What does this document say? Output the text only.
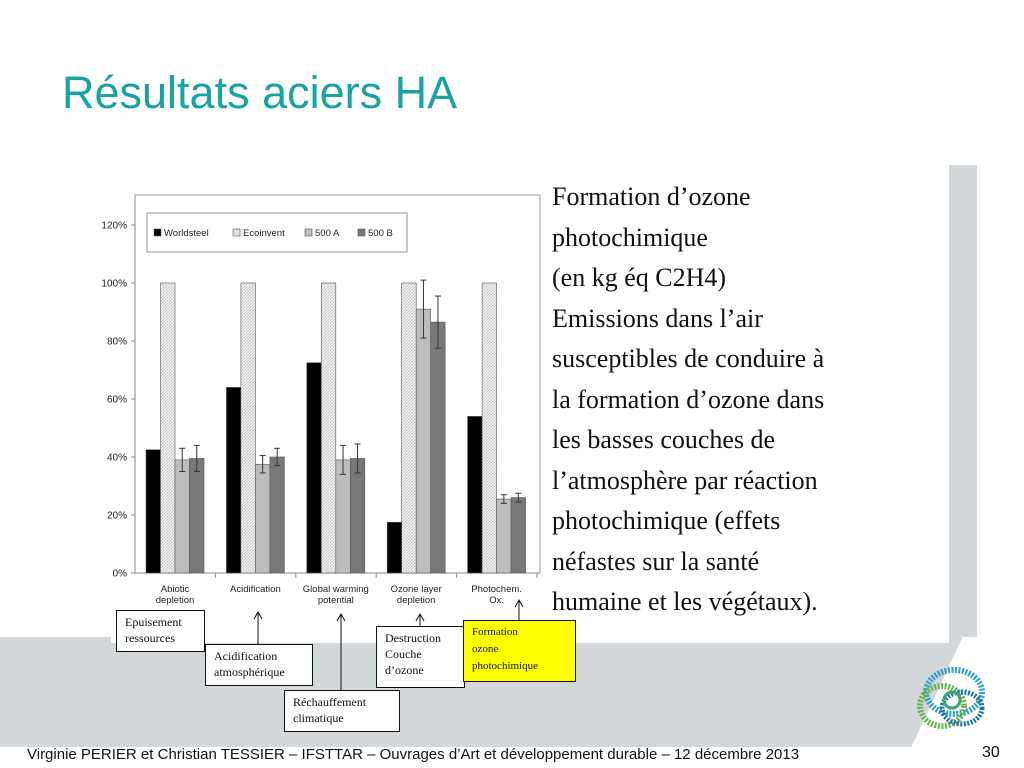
Résultats aciers HA
0%
20%
40%
60%
80%
100%
120%
Abiotic
depletion
Acidification Global warming
potential
Ozone layer
depletion
Photochem.
Ox.
Worldsteel	Ecoinvent	500 A	500 B
Formation d’ozone
photochimique
(en kg éq C2H4)
Emissions dans l’air
susceptibles de conduire à
la formation d’ozone dans
les basses couches de
l’atmosphère par réaction
photochimique (effets
néfastes sur la santé
humaine et les végétaux).
Epuisement
ressources
Acidification
atmosphérique
Réchauffement
climatique
Destruction
Couche
d’ozone
Formation
ozone
photochimique
Virginie PERIER et Christian TESSIER – IFSTTAR – Ouvrages d’Art et développement durable – 12 décembre 2013	30
